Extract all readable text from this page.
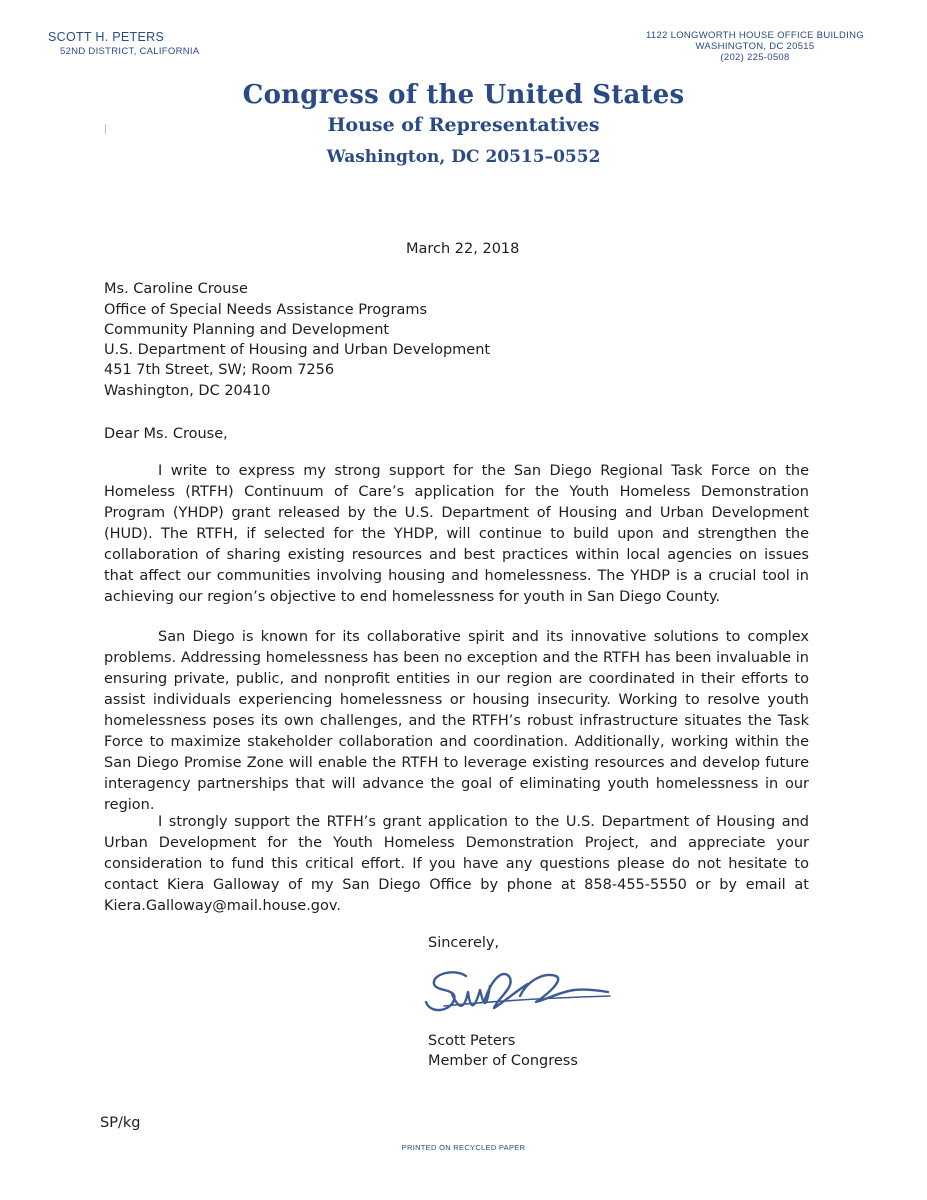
SCOTT H. PETERS
52ND DISTRICT, CALIFORNIA
1122 LONGWORTH HOUSE OFFICE BUILDING
WASHINGTON, DC 20515
(202) 225-0508
Congress of the United States
House of Representatives
Washington, DC 20515–0552
March 22, 2018
Ms. Caroline Crouse
Office of Special Needs Assistance Programs
Community Planning and Development
U.S. Department of Housing and Urban Development
451 7th Street, SW; Room 7256
Washington, DC 20410
Dear Ms. Crouse,

I write to express my strong support for the San Diego Regional Task Force on the Homeless (RTFH) Continuum of Care’s application for the Youth Homeless Demonstration Program (YHDP) grant released by the U.S. Department of Housing and Urban Development (HUD). The RTFH, if selected for the YHDP, will continue to build upon and strengthen the collaboration of sharing existing resources and best practices within local agencies on issues that affect our communities involving housing and homelessness. The YHDP is a crucial tool in achieving our region’s objective to end homelessness for youth in San Diego County.

San Diego is known for its collaborative spirit and its innovative solutions to complex problems. Addressing homelessness has been no exception and the RTFH has been invaluable in ensuring private, public, and nonprofit entities in our region are coordinated in their efforts to assist individuals experiencing homelessness or housing insecurity. Working to resolve youth homelessness poses its own challenges, and the RTFH’s robust infrastructure situates the Task Force to maximize stakeholder collaboration and coordination. Additionally, working within the San Diego Promise Zone will enable the RTFH to leverage existing resources and develop future interagency partnerships that will advance the goal of eliminating youth homelessness in our region.

I strongly support the RTFH’s grant application to the U.S. Department of Housing and Urban Development for the Youth Homeless Demonstration Project, and appreciate your consideration to fund this critical effort. If you have any questions please do not hesitate to contact Kiera Galloway of my San Diego Office by phone at 858-455-5550 or by email at Kiera.Galloway@mail.house.gov.

Sincerely,
Scott Peters
Member of Congress
SP/kg
PRINTED ON RECYCLED PAPER
